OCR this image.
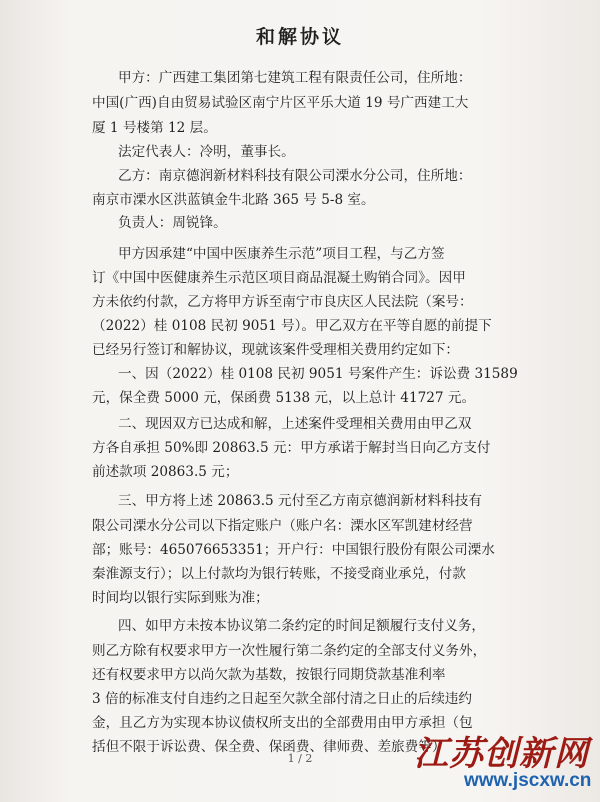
和解协议
甲方：广西建工集团第七建筑工程有限责任公司，住所地：
中国(广西)自由贸易试验区南宁片区平乐大道 19 号广西建工大
厦 1 号楼第 12 层。
法定代表人：冷明，董事长。
乙方：南京德润新材料科技有限公司溧水分公司，住所地：
南京市溧水区洪蓝镇金牛北路 365 号 5-8 室。
负责人：周锐锋。
甲方因承建“中国中医康养生示范”项目工程，与乙方签
订《中国中医健康养生示范区项目商品混凝土购销合同》。因甲
方未依约付款，乙方将甲方诉至南宁市良庆区人民法院（案号：
（2022）桂 0108 民初 9051 号）。甲乙双方在平等自愿的前提下
已经另行签订和解协议，现就该案件受理相关费用约定如下：
一、因（2022）桂 0108 民初 9051 号案件产生：诉讼费 31589
元，保全费 5000 元，保函费 5138 元，以上总计 41727 元。
二、现因双方已达成和解，上述案件受理相关费用由甲乙双
方各自承担 50%即 20863.5 元：甲方承诺于解封当日向乙方支付
前述款项 20863.5 元；
三、甲方将上述 20863.5 元付至乙方南京德润新材料科技有
限公司溧水分公司以下指定账户（账户名：溧水区军凯建材经营
部；账号：465076653351；开户行：中国银行股份有限公司溧水
秦淮源支行）；以上付款均为银行转账，不接受商业承兑，付款
时间均以银行实际到账为准；
四、如甲方未按本协议第二条约定的时间足额履行支付义务，
则乙方除有权要求甲方一次性履行第二条约定的全部支付义务外，
还有权要求甲方以尚欠款为基数，按银行同期贷款基准利率
3 倍的标准支付自违约之日起至欠款全部付清之日止的后续违约
金，且乙方为实现本协议债权所支出的全部费用由甲方承担（包
括但不限于诉讼费、保全费、保函费、律师费、差旅费等）
1 / 2	江苏创新网
www.jscxw.cn
